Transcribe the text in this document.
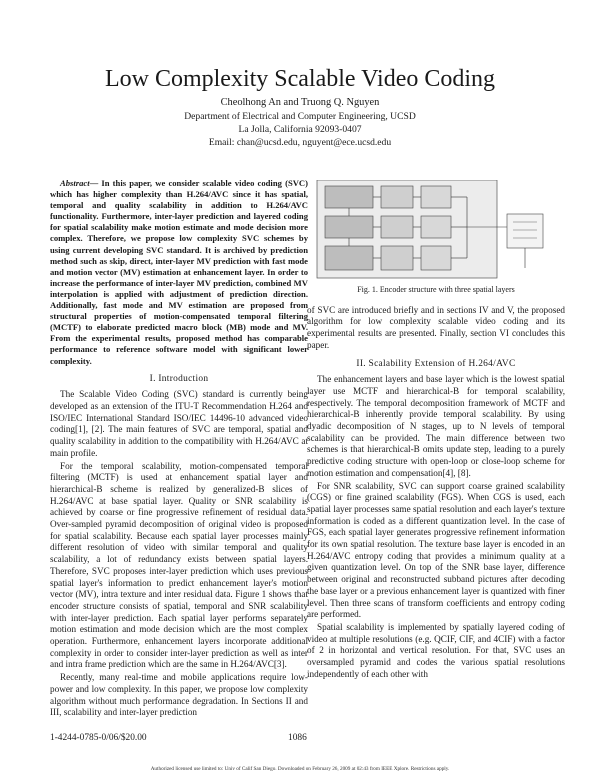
Low Complexity Scalable Video Coding
Cheolhong An and Truong Q. Nguyen
Department of Electrical and Computer Engineering, UCSD
La Jolla, California 92093-0407
Email: chan@ucsd.edu, nguyent@ece.ucsd.edu
Abstract— In this paper, we consider scalable video coding (SVC) which has higher complexity than H.264/AVC since it has spatial, temporal and quality scalability in addition to H.264/AVC functionality. Furthermore, inter-layer prediction and layered coding for spatial scalability make motion estimate and mode decision more complex. Therefore, we propose low complexity SVC schemes by using current developing SVC standard. It is archived by prediction method such as skip, direct, inter-layer MV prediction with fast mode and motion vector (MV) estimation at enhancement layer. In order to increase the performance of inter-layer MV prediction, combined MV interpolation is applied with adjustment of prediction direction. Additionally, fast mode and MV estimation are proposed from structural properties of motion-compensated temporal filtering (MCTF) to elaborate predicted macro block (MB) mode and MV. From the experimental results, proposed method has comparable performance to reference software model with significant lower complexity.
I. Introduction

The Scalable Video Coding (SVC) standard is currently being developed as an extension of the ITU-T Recommendation H.264 and ISO/IEC International Standard ISO/IEC 14496-10 advanced video coding[1], [2]. The main features of SVC are temporal, spatial and quality scalability in addition to the compatibility with H.264/AVC at main profile.

For the temporal scalability, motion-compensated temporal filtering (MCTF) is used at enhancement spatial layer and hierarchical-B scheme is realized by generalized-B slices of H.264/AVC at base spatial layer. Quality or SNR scalability is achieved by coarse or fine progressive refinement of residual data. Over-sampled pyramid decomposition of original video is proposed for spatial scalability. Because each spatial layer processes mainly different resolution of video with similar temporal and quality scalability, a lot of redundancy exists between spatial layers. Therefore, SVC proposes inter-layer prediction which uses previous spatial layer's information to predict enhancement layer's motion vector (MV), intra texture and inter residual data. Figure 1 shows that encoder structure consists of spatial, temporal and SNR scalability with inter-layer prediction. Each spatial layer performs separately motion estimation and mode decision which are the most complex operation. Furthermore, enhancement layers incorporate additional complexity in order to consider inter-layer prediction as well as inter and intra frame prediction which are the same in H.264/AVC[3].

Recently, many real-time and mobile applications require low-power and low complexity. In this paper, we propose low complexity algorithm without much performance degradation. In Sections II and III, scalability and inter-layer prediction

Fig. 1. Encoder structure with three spatial layers

of SVC are introduced briefly and in sections IV and V, the proposed algorithm for low complexity scalable video coding and its experimental results are presented. Finally, section VI concludes this paper.

II. Scalability Extension of H.264/AVC

The enhancement layers and base layer which is the lowest spatial layer use MCTF and hierarchical-B for temporal scalability, respectively. The temporal decomposition framework of MCTF and hierarchical-B inherently provide temporal scalability. By using dyadic decomposition of N stages, up to N levels of temporal scalability can be provided. The main difference between two schemes is that hierarchical-B omits update step, leading to a purely predictive coding structure with open-loop or close-loop scheme for motion estimation and compensation[4], [8].

For SNR scalability, SVC can support coarse grained scalability (CGS) or fine grained scalability (FGS). When CGS is used, each spatial layer processes same spatial resolution and each layer's texture information is coded as a different quantization level. In the case of FGS, each spatial layer generates progressive refinement information for its own spatial resolution. The texture base layer is encoded in an H.264/AVC entropy coding that provides a minimum quality at a given quantization level. On top of the SNR base layer, difference between original and reconstructed subband pictures after decoding the base layer or a previous enhancement layer is quantized with finer level. Then three scans of transform coefficients and entropy coding are performed.

Spatial scalability is implemented by spatially layered coding of video at multiple resolutions (e.g. QCIF, CIF, and 4CIF) with a factor of 2 in horizontal and vertical resolution. For that, SVC uses an oversampled pyramid and codes the various spatial resolutions independently of each other with

1-4244-0785-0/06/$20.00	1086
Authorized licensed use limited to: Univ of Calif San Diego. Downloaded on February 26, 2009 at 02:43 from IEEE Xplore. Restrictions apply.
